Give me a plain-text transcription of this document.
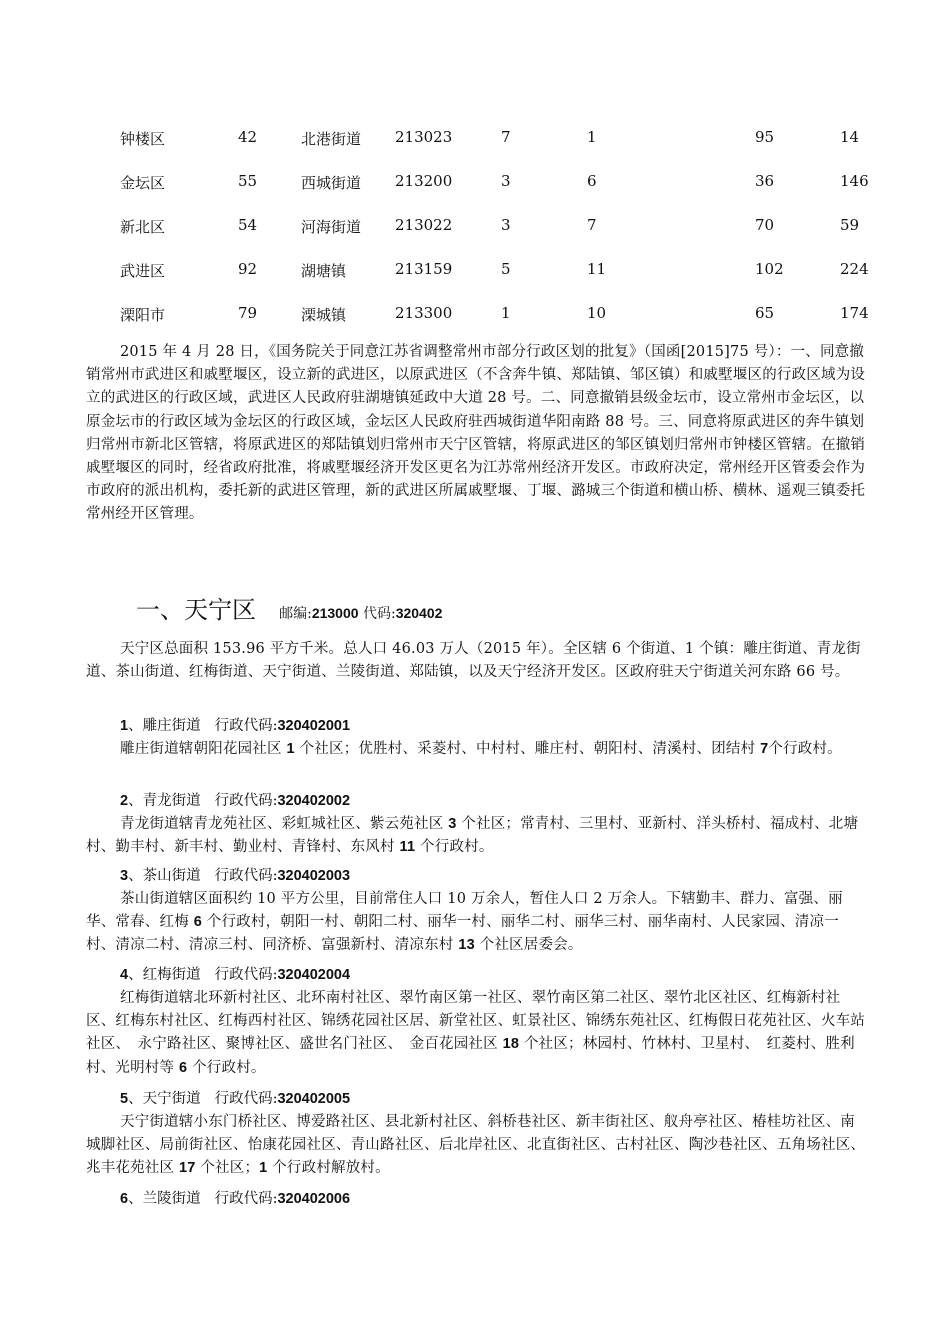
钟楼区	42	北港街道 213023	7	1	95	14
金坛区	55	西城街道 213200	3	6	36	146
新北区	54	河海街道 213022	3	7	70	59
武进区	92	湖塘镇	213159	5	11	102	224
溧阳市	79	溧城镇	213300	1	10	65	174
2015 年 4 月 28 日，《国务院关于同意江苏省调整常州市部分行政区划的批复》（国函[2015]75 号）：一、同意撤销常州市武进区和戚墅堰区，设立新的武进区，以原武进区（不含奔牛镇、郑陆镇、邹区镇）和戚墅堰区的行政区域为设立的武进区的行政区域，武进区人民政府驻湖塘镇延政中大道 28 号。二、同意撤销县级金坛市，设立常州市金坛区，以原金坛市的行政区域为金坛区的行政区域，金坛区人民政府驻西城街道华阳南路 88 号。三、同意将原武进区的奔牛镇划归常州市新北区管辖，将原武进区的郑陆镇划归常州市天宁区管辖，将原武进区的邹区镇划归常州市钟楼区管辖。在撤销戚墅堰区的同时，经省政府批准，将戚墅堰经济开发区更名为江苏常州经济开发区。市政府决定，常州经开区管委会作为市政府的派出机构，委托新的武进区管理，新的武进区所属戚墅堰、丁堰、潞城三个街道和横山桥、横林、遥观三镇委托常州经开区管理。
一、天宁区 邮编:213000 代码:320402
天宁区总面积 153.96 平方千米。总人口 46.03 万人（2015 年）。全区辖 6 个街道、1 个镇：雕庄街道、青龙街道、茶山街道、红梅街道、天宁街道、兰陵街道、郑陆镇，以及天宁经济开发区。区政府驻天宁街道关河东路 66 号。
1、雕庄街道 行政代码:320402001
雕庄街道辖朝阳花园社区 1 个社区；优胜村、采菱村、中村村、雕庄村、朝阳村、清溪村、团结村 7个行政村。
2、青龙街道 行政代码:320402002
青龙街道辖青龙苑社区、彩虹城社区、紫云苑社区 3 个社区；常青村、三里村、亚新村、洋头桥村、福成村、北塘村、勤丰村、新丰村、勤业村、青锋村、东风村 11 个行政村。
3、茶山街道 行政代码:320402003
茶山街道辖区面积约 10 平方公里，目前常住人口 10 万余人，暂住人口 2 万余人。下辖勤丰、群力、富强、丽华、常春、红梅 6 个行政村，朝阳一村、朝阳二村、丽华一村、丽华二村、丽华三村、丽华南村、人民家园、清凉一村、清凉二村、清凉三村、同济桥、富强新村、清凉东村 13 个社区居委会。
4、红梅街道 行政代码:320402004
红梅街道辖北环新村社区、北环南村社区、翠竹南区第一社区、翠竹南区第二社区、翠竹北区社区、红梅新村社区、红梅东村社区、红梅西村社区、锦绣花园社区居、新堂社区、虹景社区、锦绣东苑社区、红梅假日花苑社区、火车站社区、　永宁路社区、聚博社区、盛世名门社区、　金百花园社区 18 个社区；林园村、竹林村、卫星村、　红菱村、胜利村、光明村等 6 个行政村。
5、天宁街道 行政代码:320402005
天宁街道辖小东门桥社区、博爱路社区、县北新村社区、斜桥巷社区、新丰街社区、舣舟亭社区、椿桂坊社区、南城脚社区、局前街社区、怡康花园社区、青山路社区、后北岸社区、北直街社区、古村社区、陶沙巷社区、五角场社区、兆丰花苑社区 17 个社区；1 个行政村解放村。
6、兰陵街道 行政代码:320402006
